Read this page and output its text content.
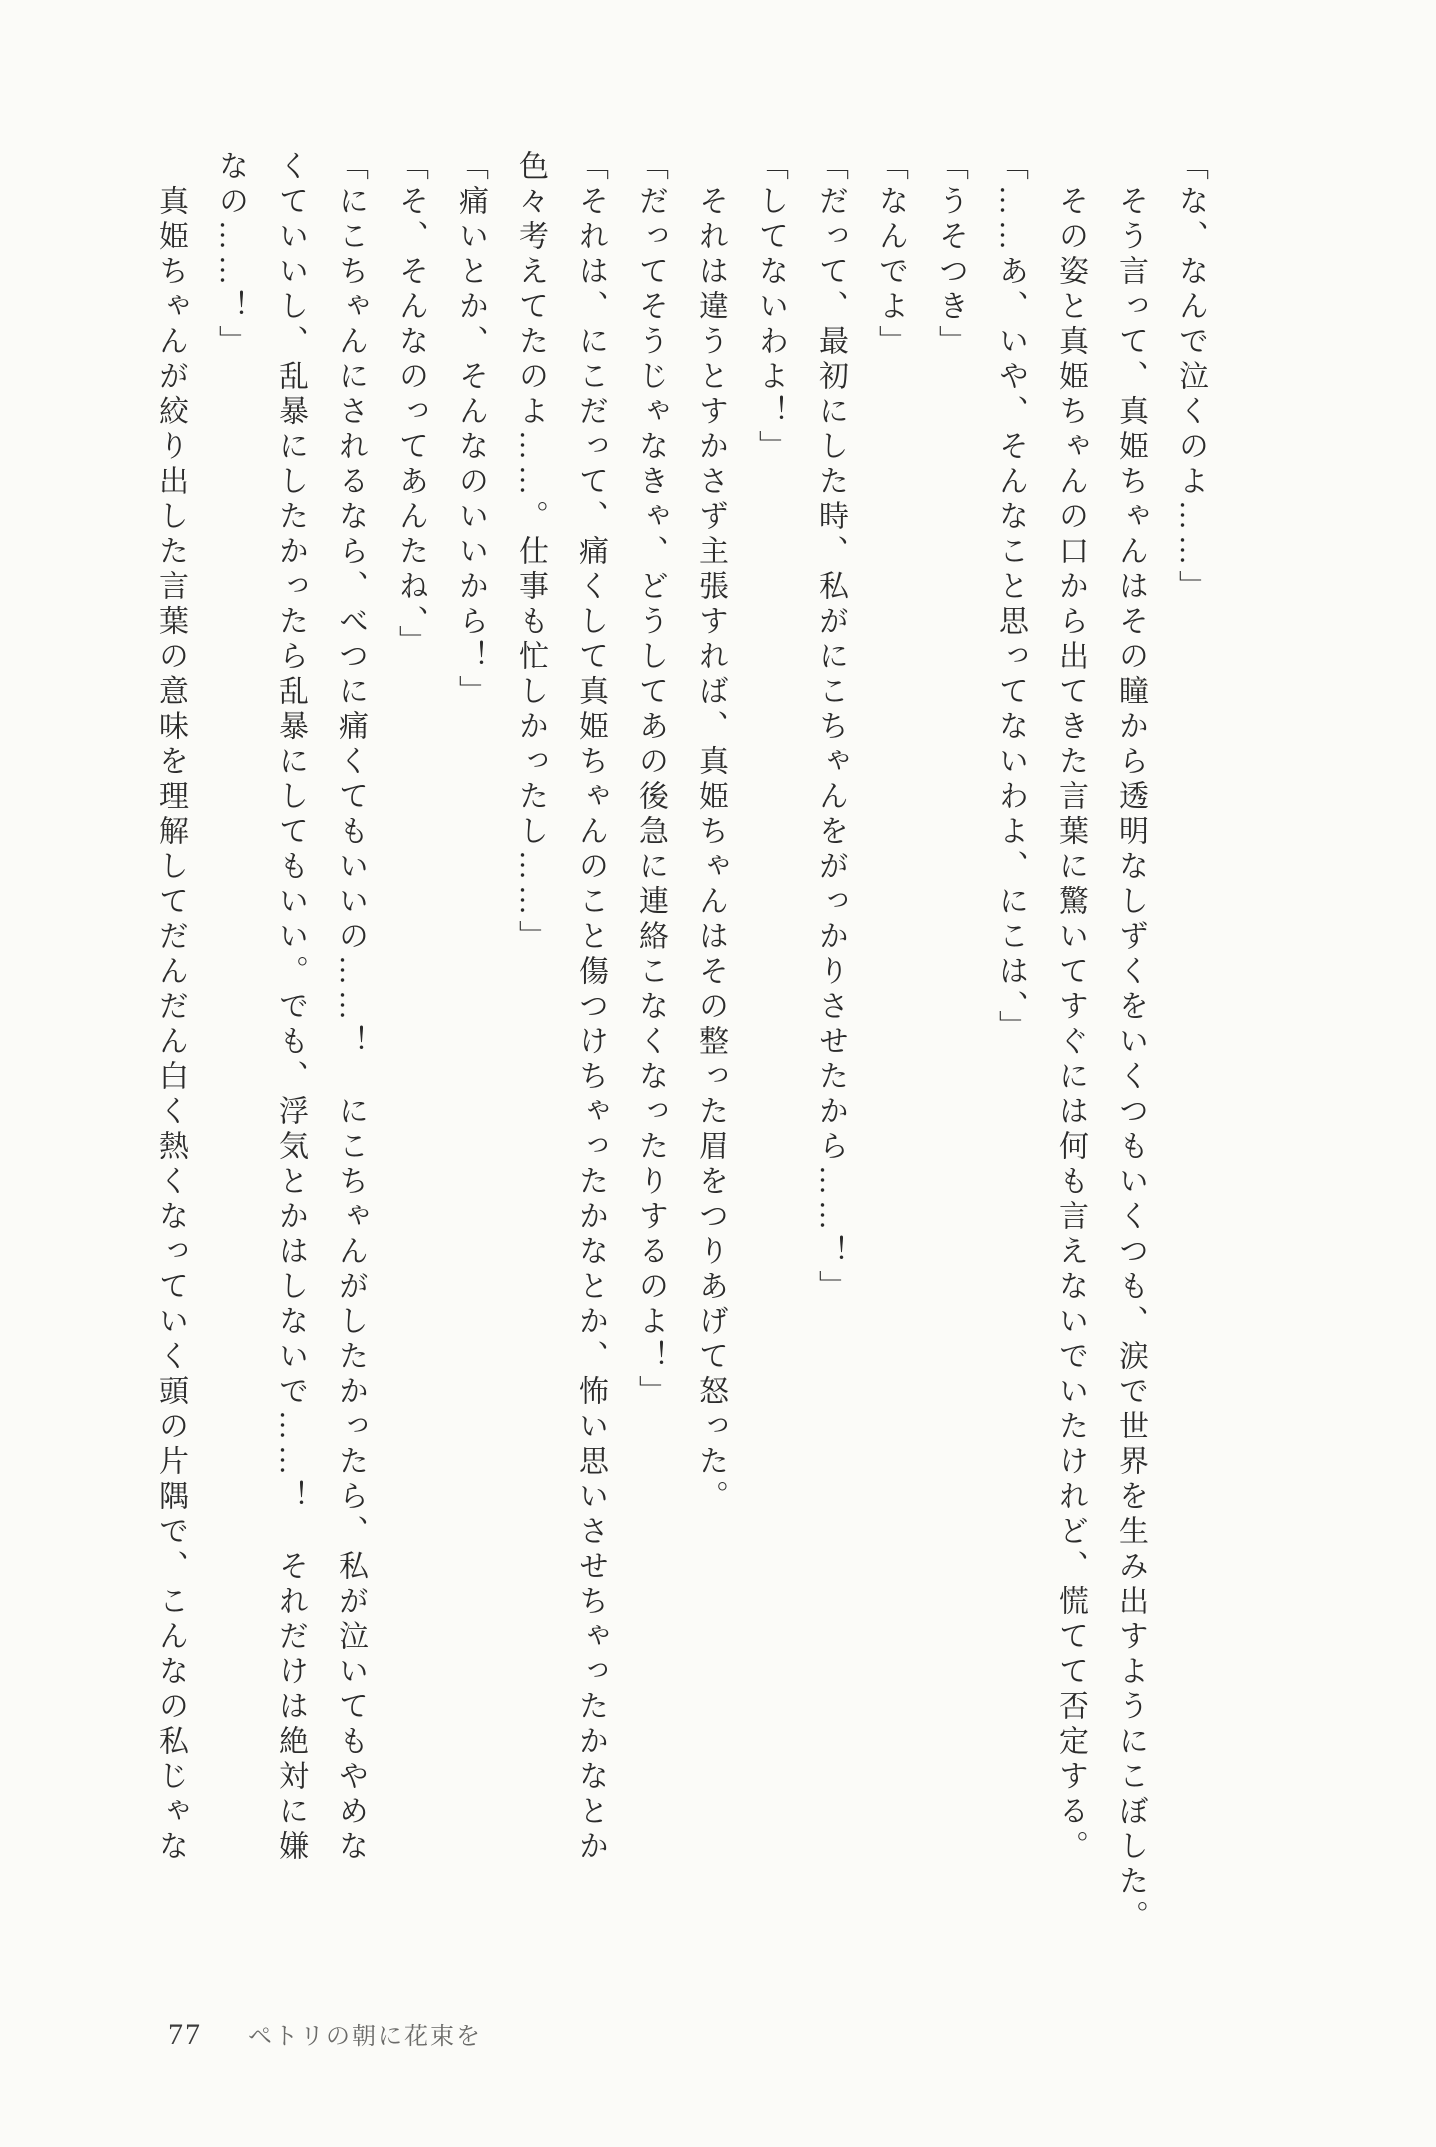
「な、なんで泣くのよ……」

そう言って、真姫ちゃんはその瞳から透明なしずくをいくつもいくつも、涙で世界を生み出すようにこぼした。

その姿と真姫ちゃんの口から出てきた言葉に驚いてすぐには何も言えないでいたけれど、慌てて否定する。

「……あ、いや、そんなこと思ってないわよ、にこは、」

「うそつき」

「なんでよ」

「だって、最初にした時、私がにこちゃんをがっかりさせたから……！」

「してないわよ！」

それは違うとすかさず主張すれば、真姫ちゃんはその整った眉をつりあげて怒った。

「だってそうじゃなきゃ、どうしてあの後急に連絡こなくなったりするのよ！」

「それは、にこだって、痛くして真姫ちゃんのこと傷つけちゃったかなとか、怖い思いさせちゃったかなとか

色々考えてたのよ……。仕事も忙しかったし……」

「痛いとか、そんなのいいから！」

「そ、そんなのってあんたね、」

「にこちゃんにされるなら、べつに痛くてもいいの……！　にこちゃんがしたかったら、私が泣いてもやめな

くていいし、乱暴にしたかったら乱暴にしてもいい。でも、浮気とかはしないで……！　それだけは絶対に嫌

なの……！」

真姫ちゃんが絞り出した言葉の意味を理解してだんだん白く熱くなっていく頭の片隅で、こんなの私じゃな

77 ペトリの朝に花束を
